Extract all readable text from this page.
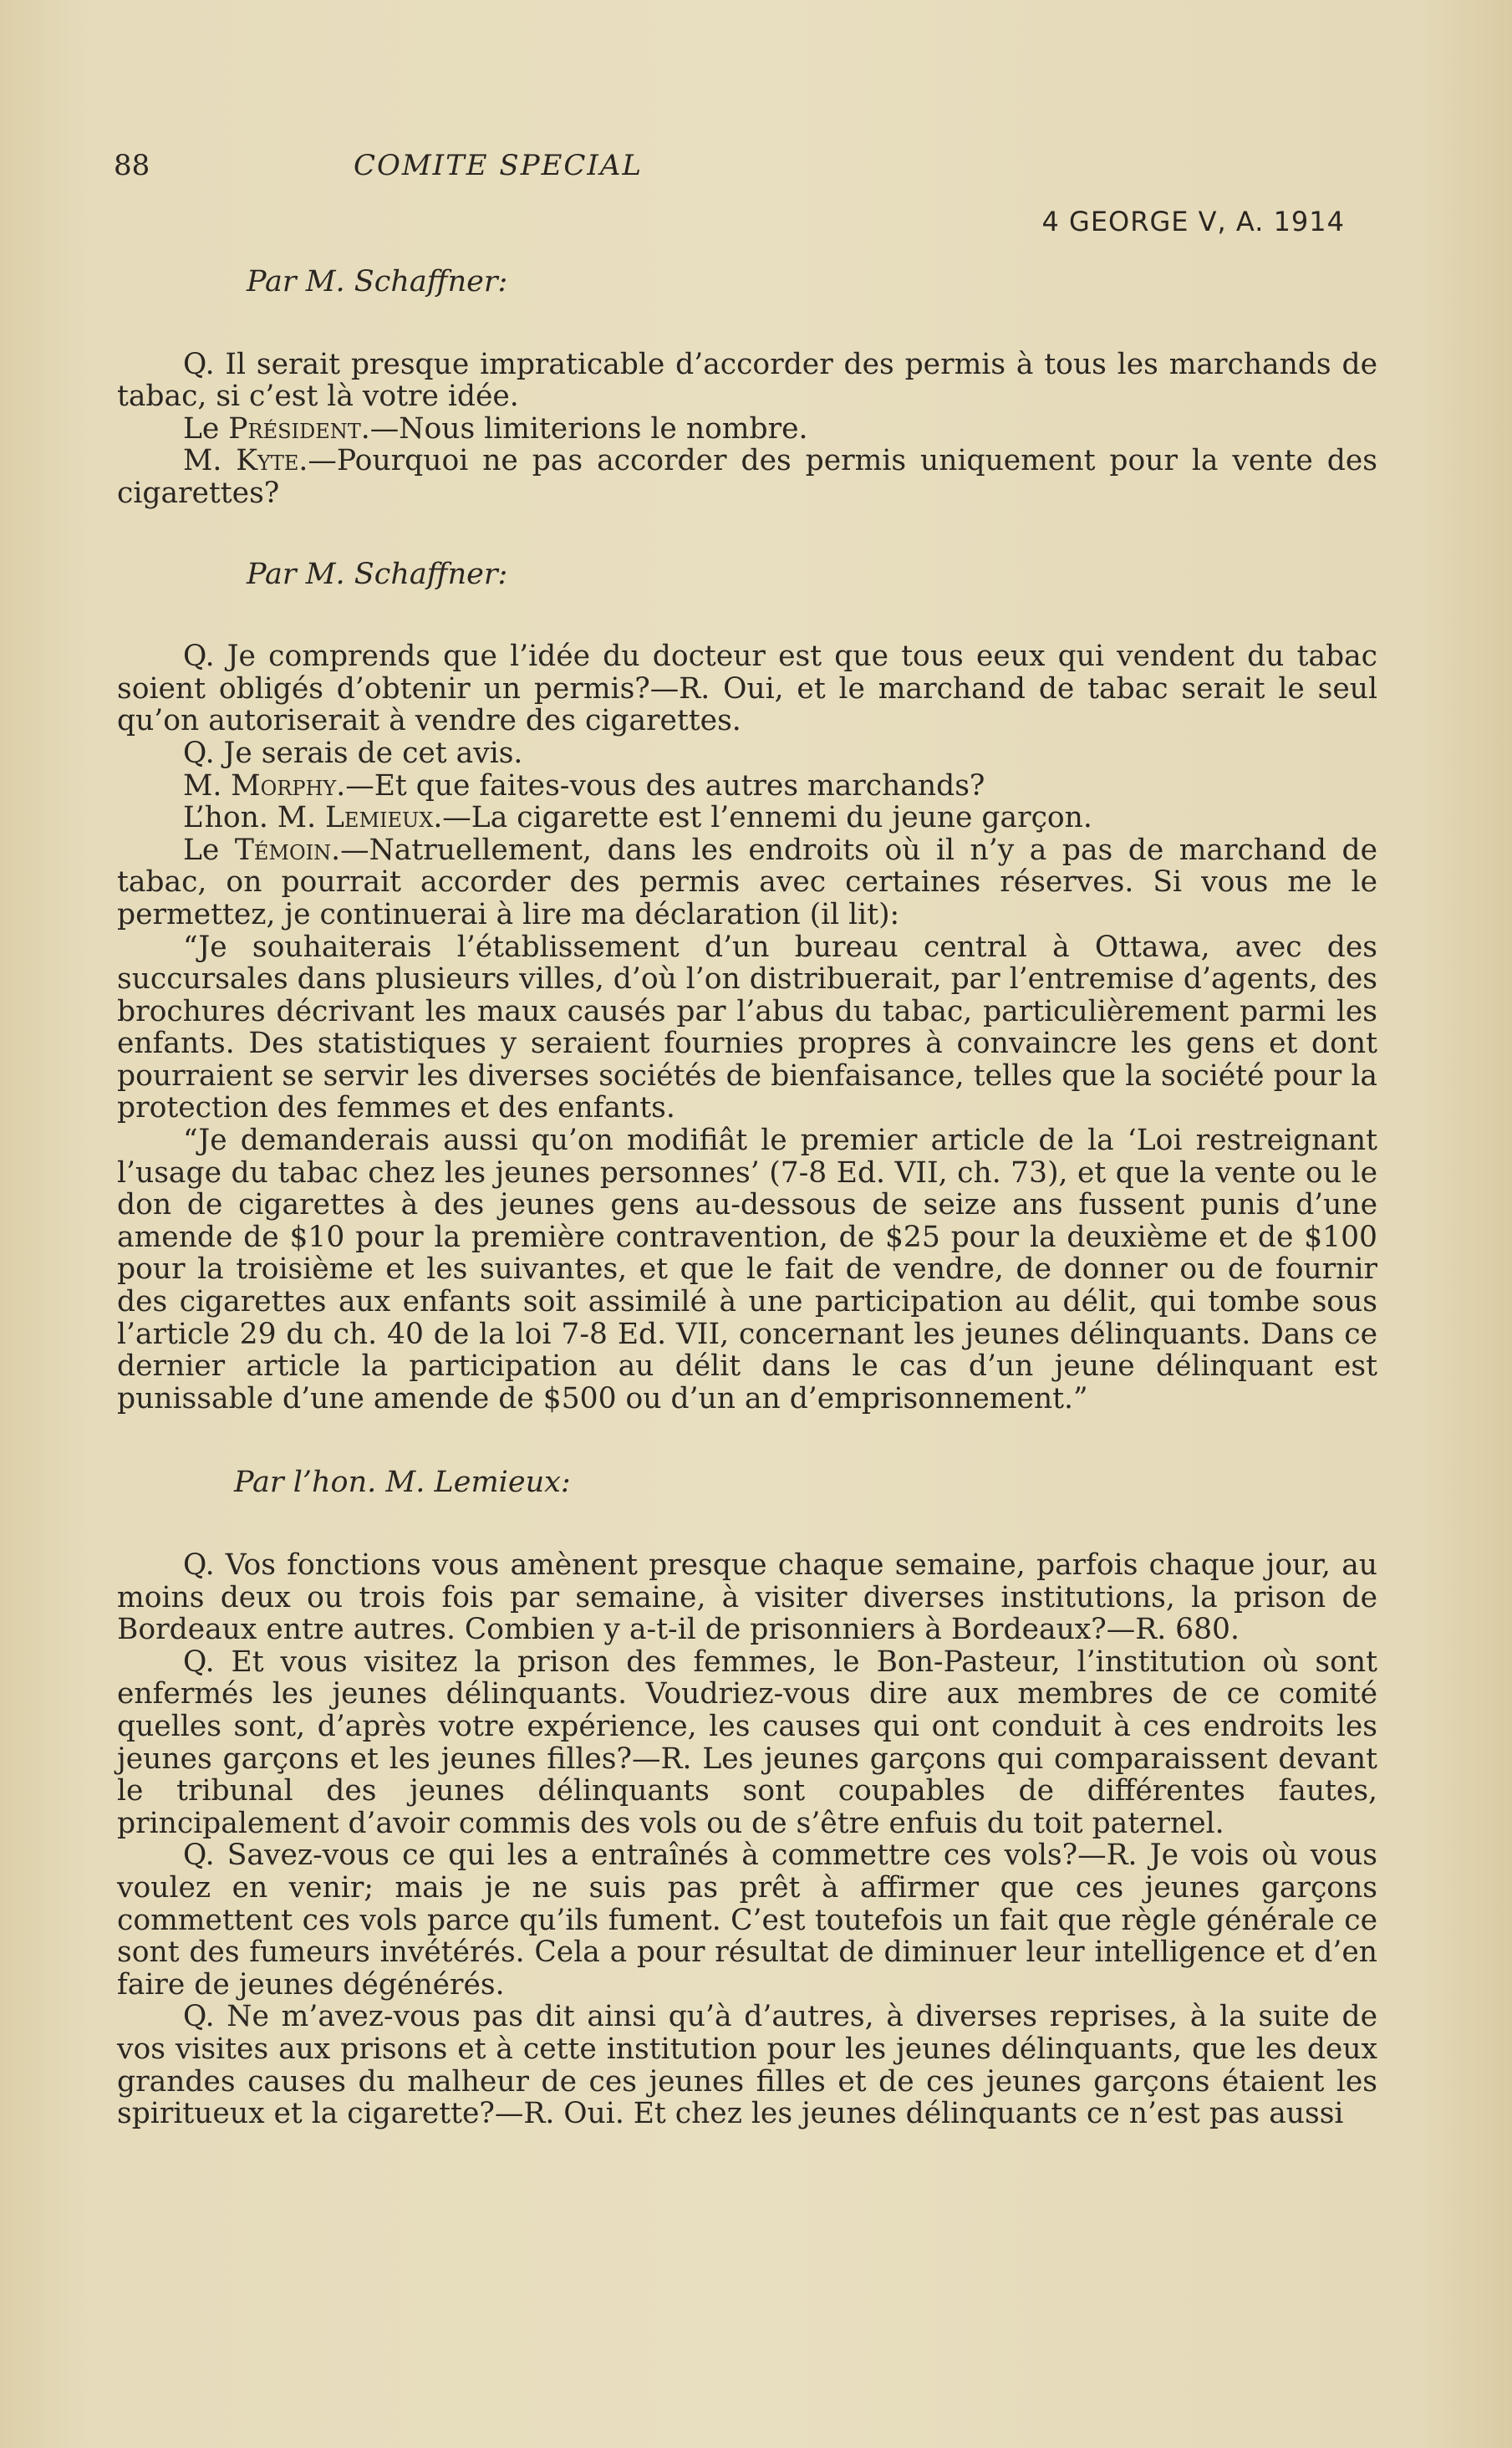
88	COMITE SPECIAL
4 GEORGE V, A. 1914
Par M. Schaffner:

Q. Il serait presque impraticable d’accorder des permis à tous les marchands de tabac, si c’est là votre idée.

Le Président.—Nous limiterions le nombre.

M. Kyte.—Pourquoi ne pas accorder des permis uniquement pour la vente des cigarettes?

Par M. Schaffner:

Q. Je comprends que l’idée du docteur est que tous eeux qui vendent du tabac soient obligés d’obtenir un permis?—R. Oui, et le marchand de tabac serait le seul qu’on autoriserait à vendre des cigarettes.

Q. Je serais de cet avis.

M. Morphy.—Et que faites-vous des autres marchands?

L’hon. M. Lemieux.—La cigarette est l’ennemi du jeune garçon.

Le Témoin.—Natruellement, dans les endroits où il n’y a pas de marchand de tabac, on pourrait accorder des permis avec certaines réserves. Si vous me le permettez, je continuerai à lire ma déclaration (il lit):

“Je souhaiterais l’établissement d’un bureau central à Ottawa, avec des succursales dans plusieurs villes, d’où l’on distribuerait, par l’entremise d’agents, des brochures décrivant les maux causés par l’abus du tabac, particulièrement parmi les enfants. Des statistiques y seraient fournies propres à convaincre les gens et dont pourraient se servir les diverses sociétés de bienfaisance, telles que la société pour la protection des femmes et des enfants.

“Je demanderais aussi qu’on modifiât le premier article de la ‘Loi restreignant l’usage du tabac chez les jeunes personnes’ (7-8 Ed. VII, ch. 73), et que la vente ou le don de cigarettes à des jeunes gens au-dessous de seize ans fussent punis d’une amende de $10 pour la première contravention, de $25 pour la deuxième et de $100 pour la troisième et les suivantes, et que le fait de vendre, de donner ou de fournir des cigarettes aux enfants soit assimilé à une participation au délit, qui tombe sous l’article 29 du ch. 40 de la loi 7-8 Ed. VII, concernant les jeunes délinquants. Dans ce dernier article la participation au délit dans le cas d’un jeune délinquant est punissable d’une amende de $500 ou d’un an d’emprisonnement.”

Par l’hon. M. Lemieux:

Q. Vos fonctions vous amènent presque chaque semaine, parfois chaque jour, au moins deux ou trois fois par semaine, à visiter diverses institutions, la prison de Bordeaux entre autres. Combien y a-t-il de prisonniers à Bordeaux?—R. 680.

Q. Et vous visitez la prison des femmes, le Bon-Pasteur, l’institution où sont enfermés les jeunes délinquants. Voudriez-vous dire aux membres de ce comité quelles sont, d’après votre expérience, les causes qui ont conduit à ces endroits les jeunes garçons et les jeunes filles?—R. Les jeunes garçons qui comparaissent devant le tribunal des jeunes délinquants sont coupables de différentes fautes, principalement d’avoir commis des vols ou de s’être enfuis du toit paternel.

Q. Savez-vous ce qui les a entraînés à commettre ces vols?—R. Je vois où vous voulez en venir; mais je ne suis pas prêt à affirmer que ces jeunes garçons commettent ces vols parce qu’ils fument. C’est toutefois un fait que règle générale ce sont des fumeurs invétérés. Cela a pour résultat de diminuer leur intelligence et d’en faire de jeunes dégénérés.

Q. Ne m’avez-vous pas dit ainsi qu’à d’autres, à diverses reprises, à la suite de vos visites aux prisons et à cette institution pour les jeunes délinquants, que les deux grandes causes du malheur de ces jeunes filles et de ces jeunes garçons étaient les spiritueux et la cigarette?—R. Oui. Et chez les jeunes délinquants ce n’est pas aussi
